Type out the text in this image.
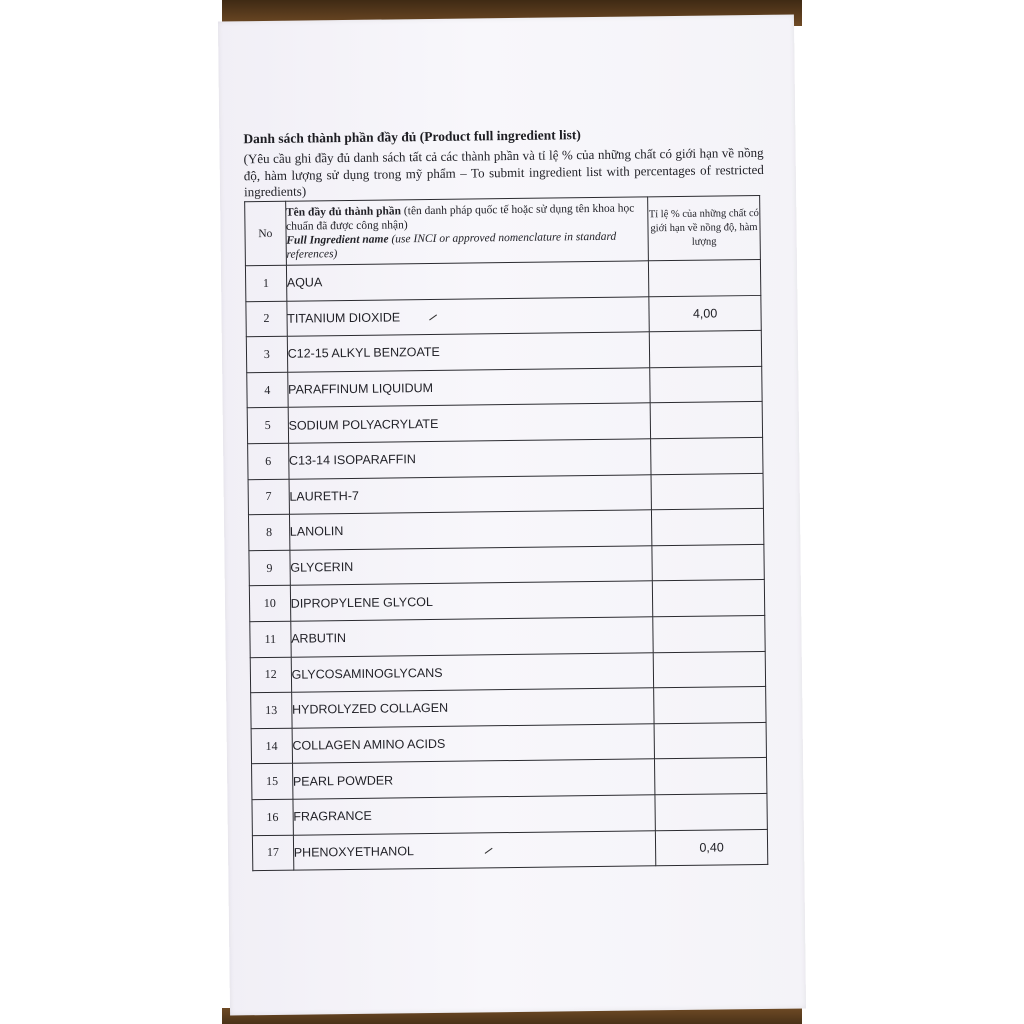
Danh sách thành phần đầy đủ (Product full ingredient list)
(Yêu cầu ghi đầy đủ danh sách tất cả các thành phần và tỉ lệ % của những chất có giới hạn về nồng độ, hàm lượng sử dụng trong mỹ phẩm – To submit ingredient list with percentages of restricted ingredients)
No	Tên đầy đủ thành phần (tên danh pháp quốc tế hoặc sử dụng tên khoa học chuẩn đã được công nhận)
Full Ingredient name (use INCI or approved nomenclature in standard references)	Tỉ lệ % của những chất có giới hạn về nồng độ, hàm lượng
1	AQUA	
2	TITANIUM DIOXIDE	4,00
3	C12-15 ALKYL BENZOATE	
4	PARAFFINUM LIQUIDUM	
5	SODIUM POLYACRYLATE	
6	C13-14 ISOPARAFFIN	
7	LAURETH-7	
8	LANOLIN	
9	GLYCERIN	
10	DIPROPYLENE GLYCOL	
11	ARBUTIN	
12	GLYCOSAMINOGLYCANS	
13	HYDROLYZED COLLAGEN	
14	COLLAGEN AMINO ACIDS	
15	PEARL POWDER	
16	FRAGRANCE	
17	PHENOXYETHANOL	0,40
